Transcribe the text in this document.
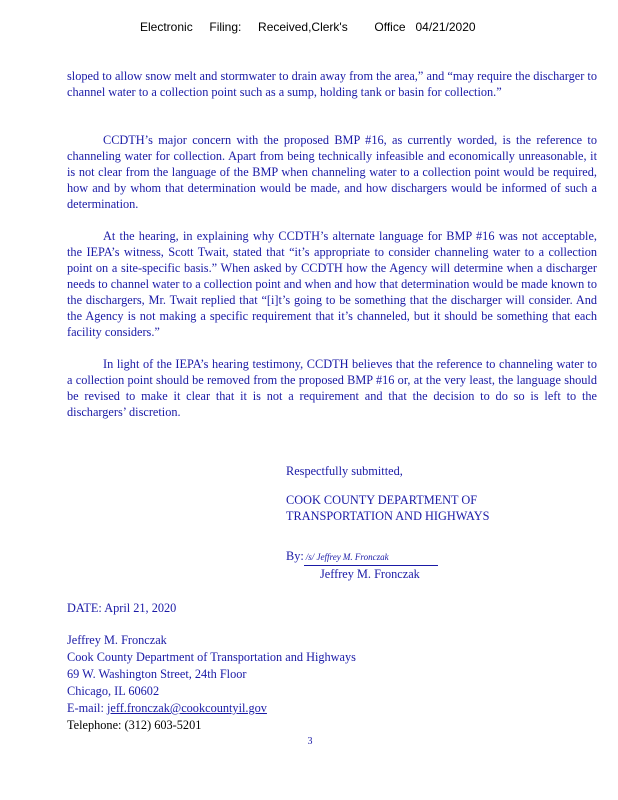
Electronic     Filing:     Received,Clerk's        Office   04/21/2020
sloped to allow snow melt and stormwater to drain away from the area,” and “may require the discharger to channel water to a collection point such as a sump, holding tank or basin for collection.”
CCDTH’s major concern with the proposed BMP #16, as currently worded, is the reference to channeling water for collection. Apart from being technically infeasible and economically unreasonable, it is not clear from the language of the BMP when channeling water to a collection point would be required, how and by whom that determination would be made, and how dischargers would be informed of such a determination.
At the hearing, in explaining why CCDTH’s alternate language for BMP #16 was not acceptable, the IEPA’s witness, Scott Twait, stated that “it’s appropriate to consider channeling water to a collection point on a site-specific basis.” When asked by CCDTH how the Agency will determine when a discharger needs to channel water to a collection point and when and how that determination would be made known to the dischargers, Mr. Twait replied that “[i]t’s going to be something that the discharger will consider. And the Agency is not making a specific requirement that it’s channeled, but it should be something that each facility considers.”
In light of the IEPA’s hearing testimony, CCDTH believes that the reference to channeling water to a collection point should be removed from the proposed BMP #16 or, at the very least, the language should be revised to make it clear that it is not a requirement and that the decision to do so is left to the dischargers’ discretion.
Respectfully submitted,
COOK COUNTY DEPARTMENT OF
TRANSPORTATION AND HIGHWAYS
By: /s/ Jeffrey M. Fronczak
Jeffrey M. Fronczak
DATE: April 21, 2020
Jeffrey M. Fronczak
Cook County Department of Transportation and Highways
69 W. Washington Street, 24th Floor
Chicago, IL 60602
E-mail: jeff.fronczak@cookcountyil.gov
Telephone: (312) 603-5201
3
